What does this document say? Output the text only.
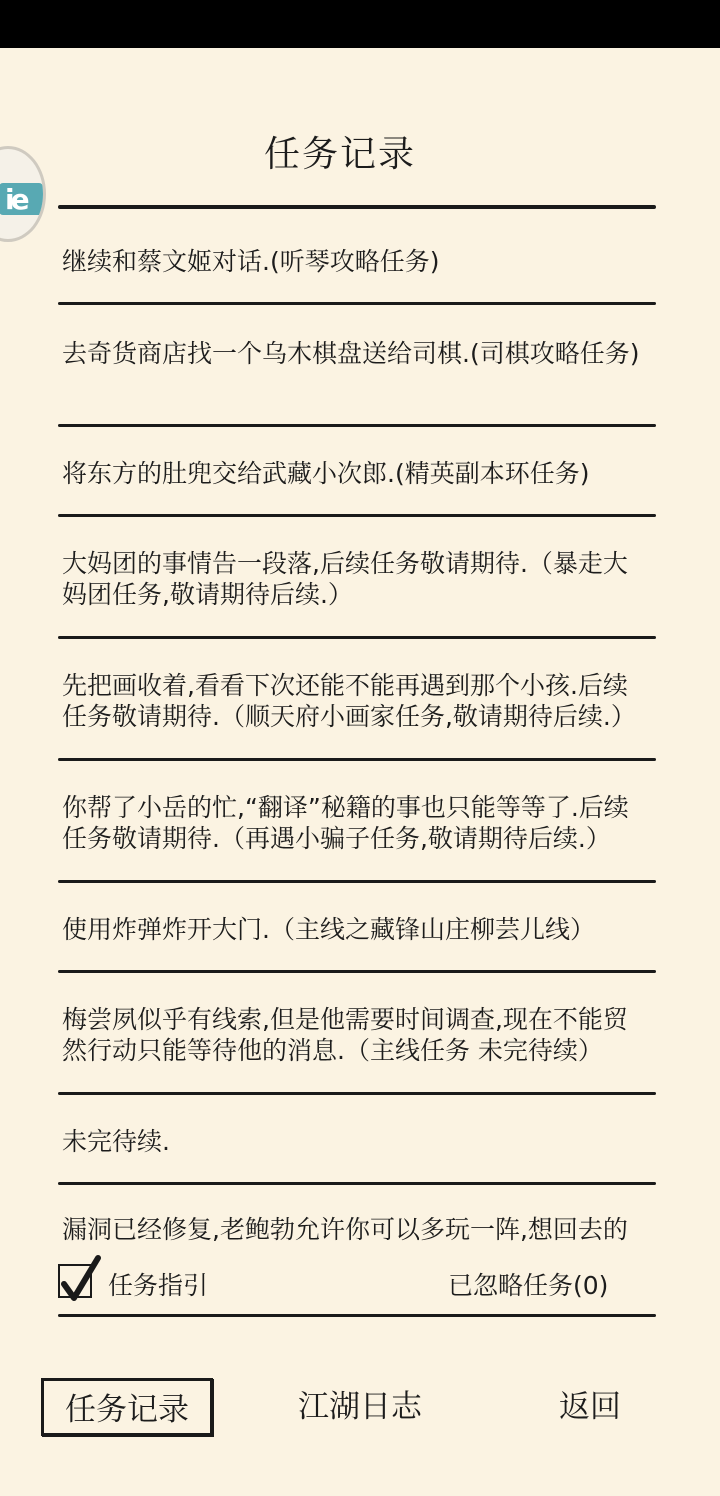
ie
任务记录
继续和蔡文姬对话.(听琴攻略任务)
去奇货商店找一个乌木棋盘送给司棋.(司棋攻略任务)
将东方的肚兜交给武藏小次郎.(精英副本环任务)
大妈团的事情告一段落,后续任务敬请期待.（暴走大妈团任务,敬请期待后续.）
先把画收着,看看下次还能不能再遇到那个小孩.后续任务敬请期待.（顺天府小画家任务,敬请期待后续.）
你帮了小岳的忙,“翻译”秘籍的事也只能等等了.后续任务敬请期待.（再遇小骗子任务,敬请期待后续.）
使用炸弹炸开大门.（主线之藏锋山庄柳芸儿线）
梅尝夙似乎有线索,但是他需要时间调查,现在不能贸然行动只能等待他的消息.（主线任务 未完待续）
未完待续.
漏洞已经修复,老鲍勃允许你可以多玩一阵,想回去的
任务指引	已忽略任务(0)
任务记录	江湖日志	返回
